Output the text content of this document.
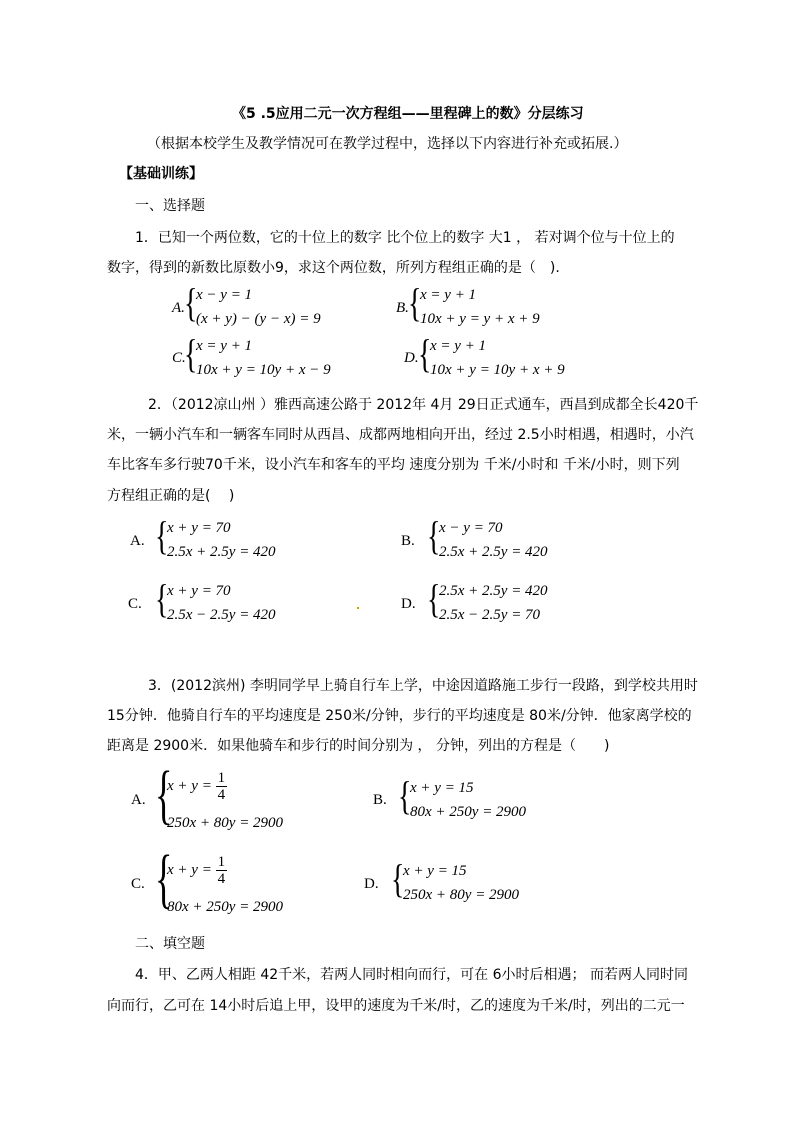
《5 .5应用二元一次方程组——里程碑上的数》分层练习
（根据本校学生及教学情况可在教学过程中，选择以下内容进行补充或拓展.）
【基础训练】
一、选择题
1．已知一个两位数，它的十位上的数字 比个位上的数字 大1 ， 若对调个位与十位上的
数字，得到的新数比原数小9，求这个两位数，所列方程组正确的是（　).
A. {
x − y = 1
(x + y) − (y − x) = 9
B. {
x = y + 1
10x + y = y + x + 9
C.
{
x = y + 1
10x + y = 10y + x − 9
D. {
x = y + 1
10x + y = 10y + x + 9
2．（2012凉山州 ）雅西高速公路于 2012年 4月 29日正式通车，西昌到成都全长420千
米，一辆小汽车和一辆客车同时从西昌、成都两地相向开出，经过 2.5小时相遇，相遇时，小汽
车比客车多行驶70千米，设小汽车和客车的平均 速度分别为 千米/小时和 千米/小时，则下列
方程组正确的是(　 )
A. {
x + y = 70
2.5x + 2.5y = 420
B. {
x − y = 70
2.5x + 2.5y = 420
C. {
x + y = 70
2.5x − 2.5y = 420
D. {
2.5x + 2.5y = 420
2.5x − 2.5y = 70
3．(2012滨州) 李明同学早上骑自行车上学，中途因道路施工步行一段路，到学校共用时
15分钟．他骑自行车的平均速度是 250米/分钟，步行的平均速度是 80米/分钟．他家离学校的
距离是 2900米．如果他骑车和步行的时间分别为 ， 分钟，列出的方程是（　　)
A. {
$x + y = \frac{1}{4}$
250x + 80y = 2900
B. {
x + y = 15
80x + 250y = 2900
C. {
$x + y = \frac{1}{4}$
80x + 250y = 2900
D. {
x + y = 15
250x + 80y = 2900
二、填空题
4．甲、乙两人相距 42千米，若两人同时相向而行，可在 6小时后相遇； 而若两人同时同
向而行，乙可在 14小时后追上甲，设甲的速度为千米/时，乙的速度为千米/时，列出的二元一
